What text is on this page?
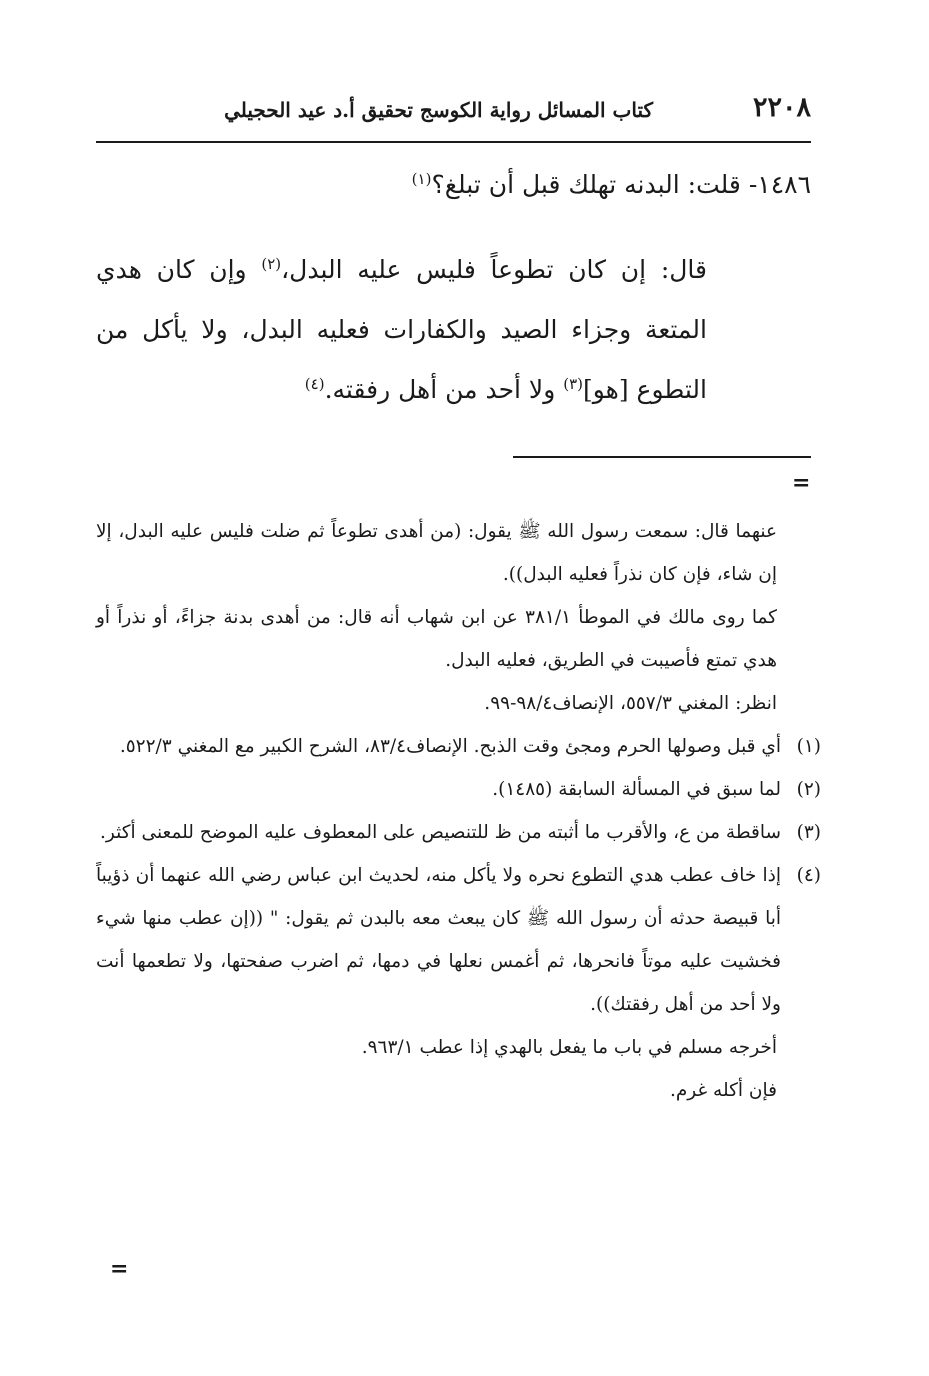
٢٢٠٨
كتاب المسائل رواية الكوسج تحقيق أ.د عيد الحجيلي
١٤٨٦- قلت: البدنه تهلك قبل أن تبلغ؟$^{(١)}$
قال: إن كان تطوعاً فليس عليه البدل،$^{(٢)}$ وإن كان هدي المتعة وجزاء الصيد والكفارات فعليه البدل، ولا يأكل من التطوع [هو]$^{(٣)}$ ولا أحد من أهل رفقته.$^{(٤)}$
=
عنهما قال: سمعت رسول الله ﷺ يقول: (من أهدى تطوعاً ثم ضلت فليس عليه البدل، إلا إن شاء، فإن كان نذراً فعليه البدل)).
كما روى مالك في الموطأ ٣٨١/١ عن ابن شهاب أنه قال: من أهدى بدنة جزاءً، أو نذراً أو هدي تمتع فأصيبت في الطريق، فعليه البدل.
انظر: المغني ٥٥٧/٣، الإنصاف٩٨/٤-٩٩.
(١)
أي قبل وصولها الحرم ومجئ وقت الذبح. الإنصاف٨٣/٤، الشرح الكبير مع المغني ٥٢٢/٣.
(٢)
لما سبق في المسألة السابقة (١٤٨٥).
(٣)
ساقطة من ع، والأقرب ما أثبته من ظ للتنصيص على المعطوف عليه الموضح للمعنى أكثر.
(٤)
إذا خاف عطب هدي التطوع نحره ولا يأكل منه، لحديث ابن عباس رضي الله عنهما أن ذؤيباً أبا قبيصة حدثه أن رسول الله ﷺ كان يبعث معه بالبدن ثم يقول: " ((إن عطب منها شيء فخشيت عليه موتاً فانحرها، ثم أغمس نعلها في دمها، ثم اضرب صفحتها، ولا تطعمها أنت ولا أحد من أهل رفقتك)).
أخرجه مسلم في باب ما يفعل بالهدي إذا عطب ٩٦٣/١.
فإن أكله غرم.
=
